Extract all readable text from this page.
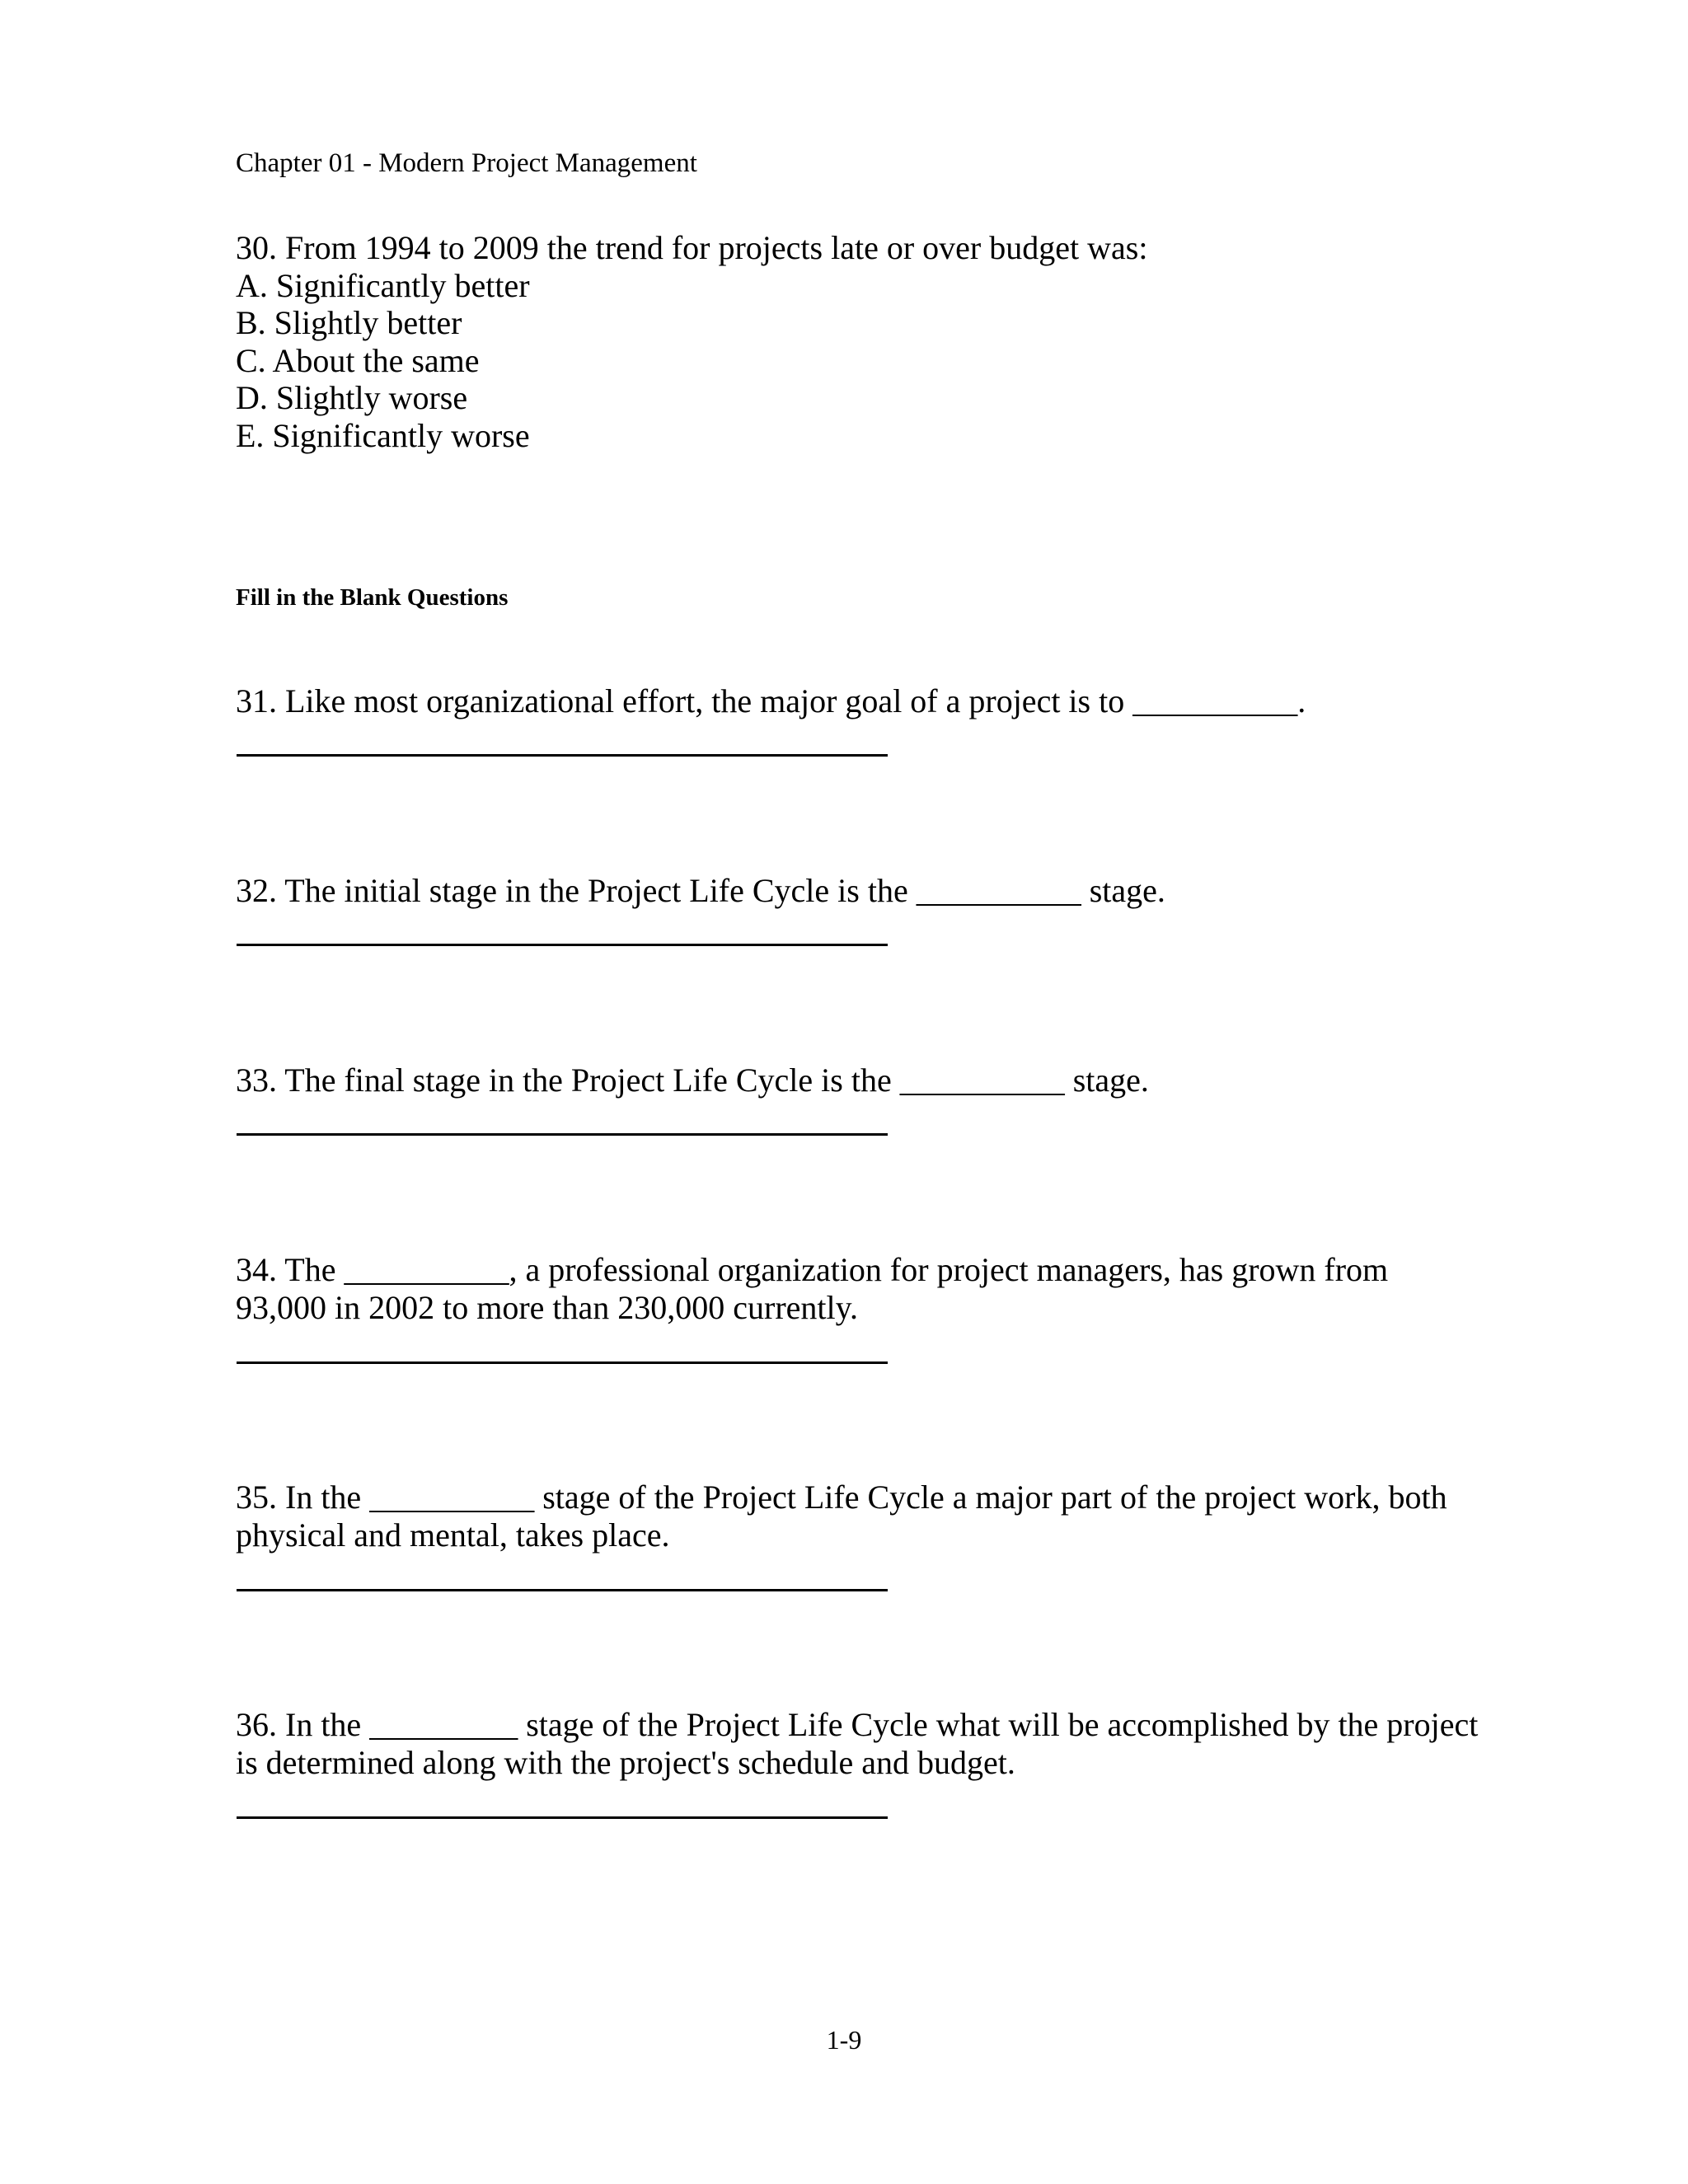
Chapter 01 - Modern Project Management
30. From 1994 to 2009 the trend for projects late or over budget was:
A. Significantly better
B. Slightly better
C. About the same
D. Slightly worse
E. Significantly worse
Fill in the Blank Questions
31. Like most organizational effort, the major goal of a project is to __________.
32. The initial stage in the Project Life Cycle is the __________ stage.
33. The final stage in the Project Life Cycle is the __________ stage.
34. The __________, a professional organization for project managers, has grown from
93,000 in 2002 to more than 230,000 currently.
35. In the __________ stage of the Project Life Cycle a major part of the project work, both
physical and mental, takes place.
36. In the _________ stage of the Project Life Cycle what will be accomplished by the project
is determined along with the project's schedule and budget.
1-9
